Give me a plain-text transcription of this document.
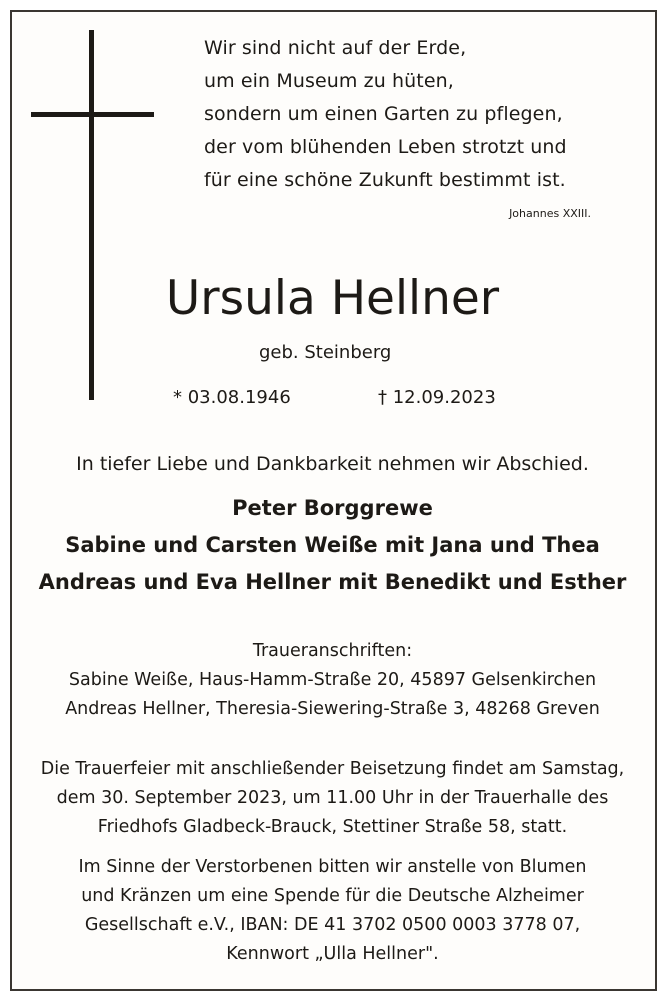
Wir sind nicht auf der Erde,
um ein Museum zu hüten,
sondern um einen Garten zu pflegen,
der vom blühenden Leben strotzt und
für eine schöne Zukunft bestimmt ist.
Johannes XXIII.
Ursula Hellner
geb. Steinberg
* 03.08.1946	† 12.09.2023
In tiefer Liebe und Dankbarkeit nehmen wir Abschied.
Peter Borggrewe
Sabine und Carsten Weiße mit Jana und Thea
Andreas und Eva Hellner mit Benedikt und Esther
Traueranschriften:
Sabine Weiße, Haus-Hamm-Straße 20, 45897 Gelsenkirchen
Andreas Hellner, Theresia-Siewering-Straße 3, 48268 Greven
Die Trauerfeier mit anschließender Beisetzung findet am Samstag,
dem 30. September 2023, um 11.00 Uhr in der Trauerhalle des
Friedhofs Gladbeck-Brauck, Stettiner Straße 58, statt.
Im Sinne der Verstorbenen bitten wir anstelle von Blumen
und Kränzen um eine Spende für die Deutsche Alzheimer
Gesellschaft e.V., IBAN: DE 41 3702 0500 0003 3778 07,
Kennwort „Ulla Hellner".
